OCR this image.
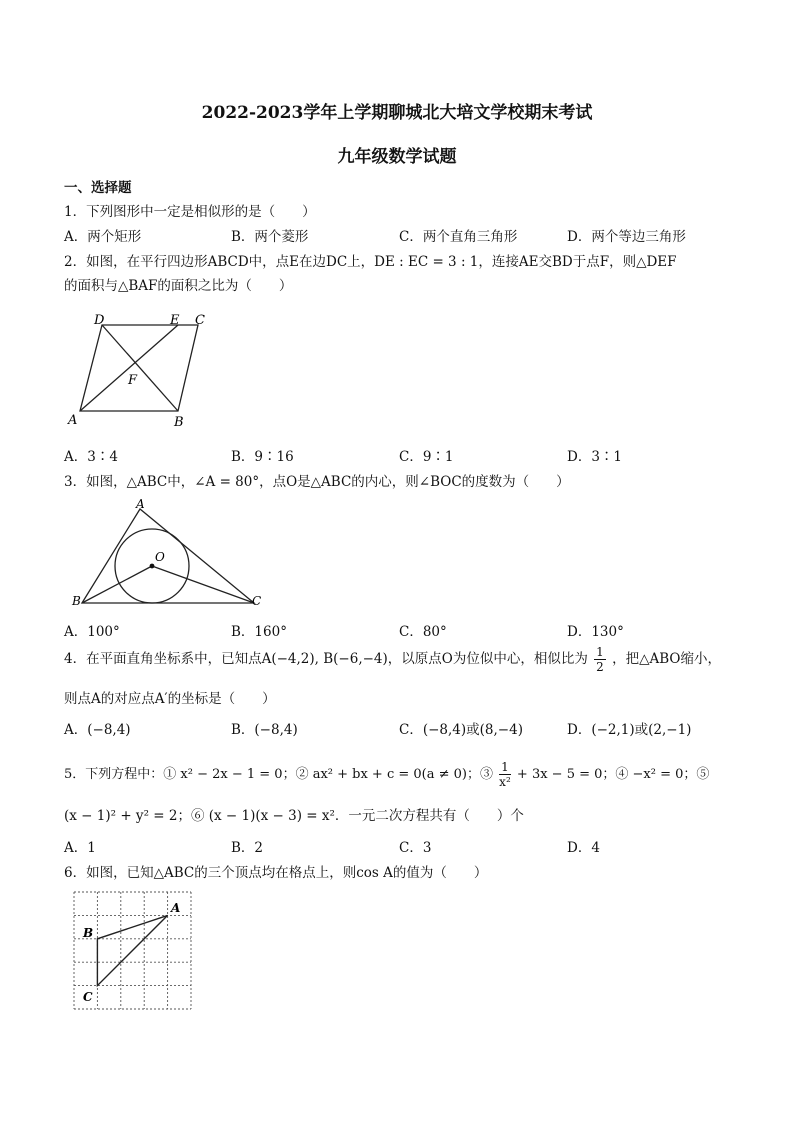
2022-2023学年上学期聊城北大培文学校期末考试
九年级数学试题
一、选择题
1．下列图形中一定是相似形的是（　　）
A．两个矩形	B．两个菱形	C．两个直角三角形	D．两个等边三角形
2．如图，在平行四边形ABCD中，点E在边DC上，DE : EC = 3 : 1，连接AE交BD于点F，则△DEF
的面积与△BAF的面积之比为（　　）
D	E C
F
A	B
A．3∶4	B．9∶16	C．9∶1	D．3∶1
3．如图，△ABC中，∠A = 80°，点O是△ABC的内心，则∠BOC的度数为（　　）
A
O
B	C
A．100°	B．160°	C．80°	D．130°
4．在平面直角坐标系中，已知点A(−4,2), B(−6,−4)，以原点O为位似中心，相似比为 $\frac{1}{2}$ ，把△ABO缩小，
则点A的对应点A′的坐标是（　　）
A．(−8,4)	B．(−8,4)	C．(−8,4)或(8,−4)	D．(−2,1)或(2,−1)
5．下列方程中：① x² − 2x − 1 = 0；② ax² + bx + c = 0(a ≠ 0)；③ $\frac{1}{\text{x²}} + 3x - 5 = 0$；④ −x² = 0；⑤
(x − 1)² + y² = 2；⑥ (x − 1)(x − 3) = x²．一元二次方程共有（　　）个
A．1	B．2	C．3	D．4
6．如图，已知△ABC的三个顶点均在格点上，则cos A的值为（　　）
A
B
C
